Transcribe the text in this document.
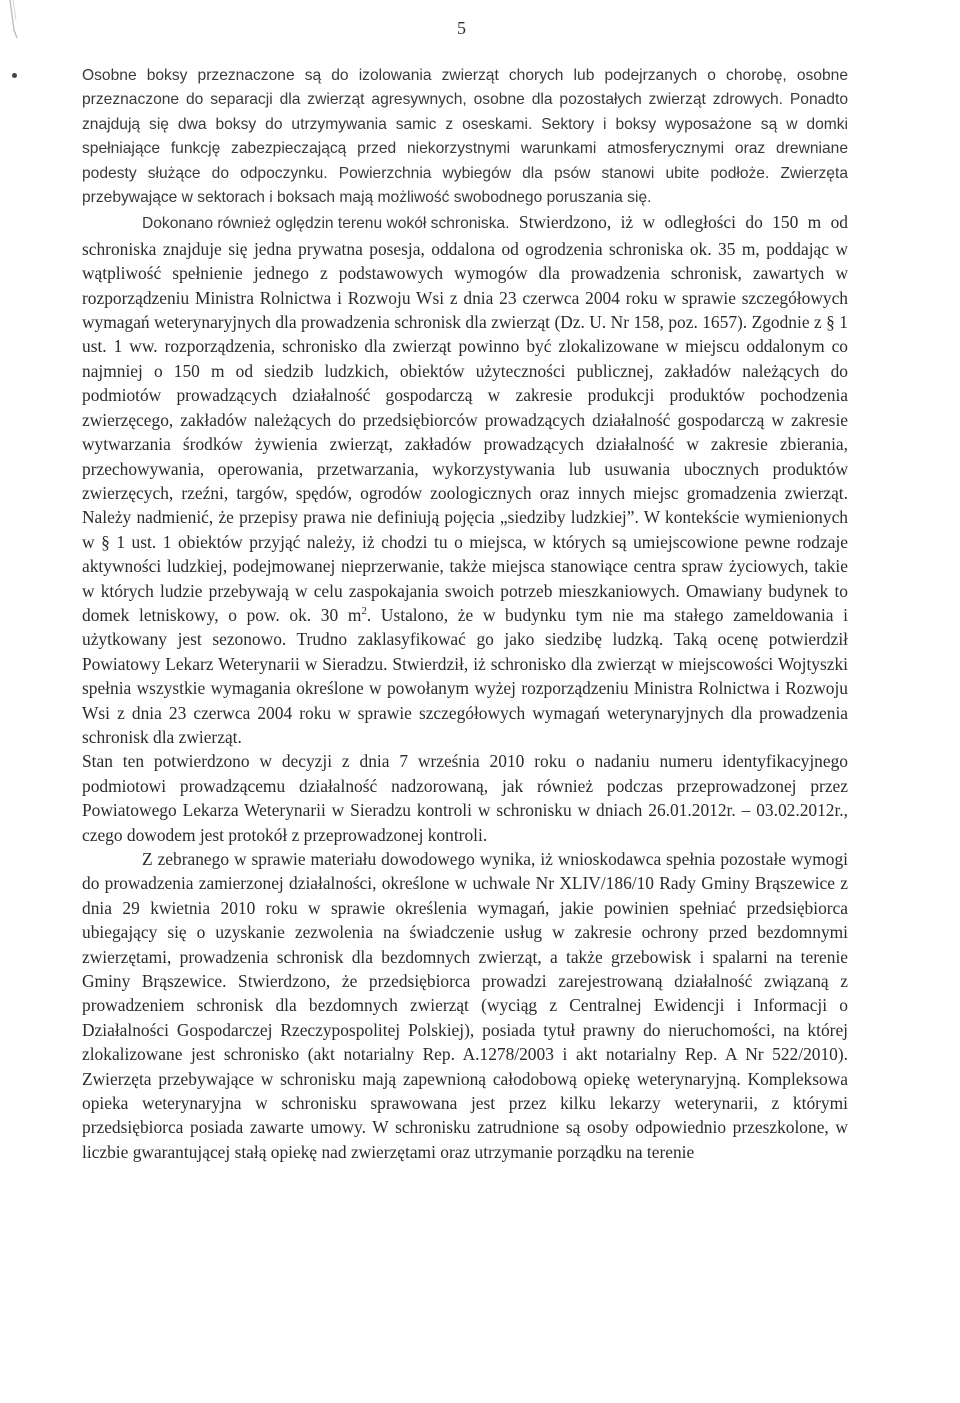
5

Osobne boksy przeznaczone są do izolowania zwierząt chorych lub podejrzanych o chorobę, osobne przeznaczone do separacji dla zwierząt agresywnych, osobne dla pozostałych zwierząt zdrowych. Ponadto znajdują się dwa boksy do utrzymywania samic z oseskami. Sektory i boksy wyposażone są w domki spełniające funkcję zabezpieczającą przed niekorzystnymi warunkami atmosferycznymi oraz drewniane podesty służące do odpoczynku. Powierzchnia wybiegów dla psów stanowi ubite podłoże. Zwierzęta przebywające w sektorach i boksach mają możliwość swobodnego poruszania się.

Dokonano również oględzin terenu wokół schroniska. Stwierdzono, iż w odległości do 150 m od schroniska znajduje się jedna prywatna posesja, oddalona od ogrodzenia schroniska ok. 35 m, poddając w wątpliwość spełnienie jednego z podstawowych wymogów dla prowadzenia schronisk, zawartych w rozporządzeniu Ministra Rolnictwa i Rozwoju Wsi z dnia 23 czerwca 2004 roku w sprawie szczegółowych wymagań weterynaryjnych dla prowadzenia schronisk dla zwierząt (Dz. U. Nr 158, poz. 1657). Zgodnie z § 1 ust. 1 ww. rozporządzenia, schronisko dla zwierząt powinno być zlokalizowane w miejscu oddalonym co najmniej o 150 m od siedzib ludzkich, obiektów użyteczności publicznej, zakładów należących do podmiotów prowadzących działalność gospodarczą w zakresie produkcji produktów pochodzenia zwierzęcego, zakładów należących do przedsiębiorców prowadzących działalność gospodarczą w zakresie wytwarzania środków żywienia zwierząt, zakładów prowadzących działalność w zakresie zbierania, przechowywania, operowania, przetwarzania, wykorzystywania lub usuwania ubocznych produktów zwierzęcych, rzeźni, targów, spędów, ogrodów zoologicznych oraz innych miejsc gromadzenia zwierząt. Należy nadmienić, że przepisy prawa nie definiują pojęcia „siedziby ludzkiej”. W kontekście wymienionych w § 1 ust. 1 obiektów przyjąć należy, iż chodzi tu o miejsca, w których są umiejscowione pewne rodzaje aktywności ludzkiej, podejmowanej nieprzerwanie, także miejsca stanowiące centra spraw życiowych, takie w których ludzie przebywają w celu zaspokajania swoich potrzeb mieszkaniowych. Omawiany budynek to domek letniskowy, o pow. ok. 30 $m^2$. Ustalono, że w budynku tym nie ma stałego zameldowania i użytkowany jest sezonowo. Trudno zaklasyfikować go jako siedzibę ludzką. Taką ocenę potwierdził Powiatowy Lekarz Weterynarii w Sieradzu. Stwierdził, iż schronisko dla zwierząt w miejscowości Wojtyszki spełnia wszystkie wymagania określone w powołanym wyżej rozporządzeniu Ministra Rolnictwa i Rozwoju Wsi z dnia 23 czerwca 2004 roku w sprawie szczegółowych wymagań weterynaryjnych dla prowadzenia schronisk dla zwierząt.

Stan ten potwierdzono w decyzji z dnia 7 września 2010 roku o nadaniu numeru identyfikacyjnego podmiotowi prowadzącemu działalność nadzorowaną, jak również podczas przeprowadzonej przez Powiatowego Lekarza Weterynarii w Sieradzu kontroli w schronisku w dniach 26.01.2012r. – 03.02.2012r., czego dowodem jest protokół z przeprowadzonej kontroli.

Z zebranego w sprawie materiału dowodowego wynika, iż wnioskodawca spełnia pozostałe wymogi do prowadzenia zamierzonej działalności, określone w uchwale Nr XLIV/186/10 Rady Gminy Brąszewice z dnia 29 kwietnia 2010 roku w sprawie określenia wymagań, jakie powinien spełniać przedsiębiorca ubiegający się o uzyskanie zezwolenia na świadczenie usług w zakresie ochrony przed bezdomnymi zwierzętami, prowadzenia schronisk dla bezdomnych zwierząt, a także grzebowisk i spalarni na terenie Gminy Brąszewice. Stwierdzono, że przedsiębiorca prowadzi zarejestrowaną działalność związaną z prowadzeniem schronisk dla bezdomnych zwierząt (wyciąg z Centralnej Ewidencji i Informacji o Działalności Gospodarczej Rzeczypospolitej Polskiej), posiada tytuł prawny do nieruchomości, na której zlokalizowane jest schronisko (akt notarialny Rep. A.1278/2003 i akt notarialny Rep. A Nr 522/2010). Zwierzęta przebywające w schronisku mają zapewnioną całodobową opiekę weterynaryjną. Kompleksowa opieka weterynaryjna w schronisku sprawowana jest przez kilku lekarzy weterynarii, z którymi przedsiębiorca posiada zawarte umowy. W schronisku zatrudnione są osoby odpowiednio przeszkolone, w liczbie gwarantującej stałą opiekę nad zwierzętami oraz utrzymanie porządku na terenie
